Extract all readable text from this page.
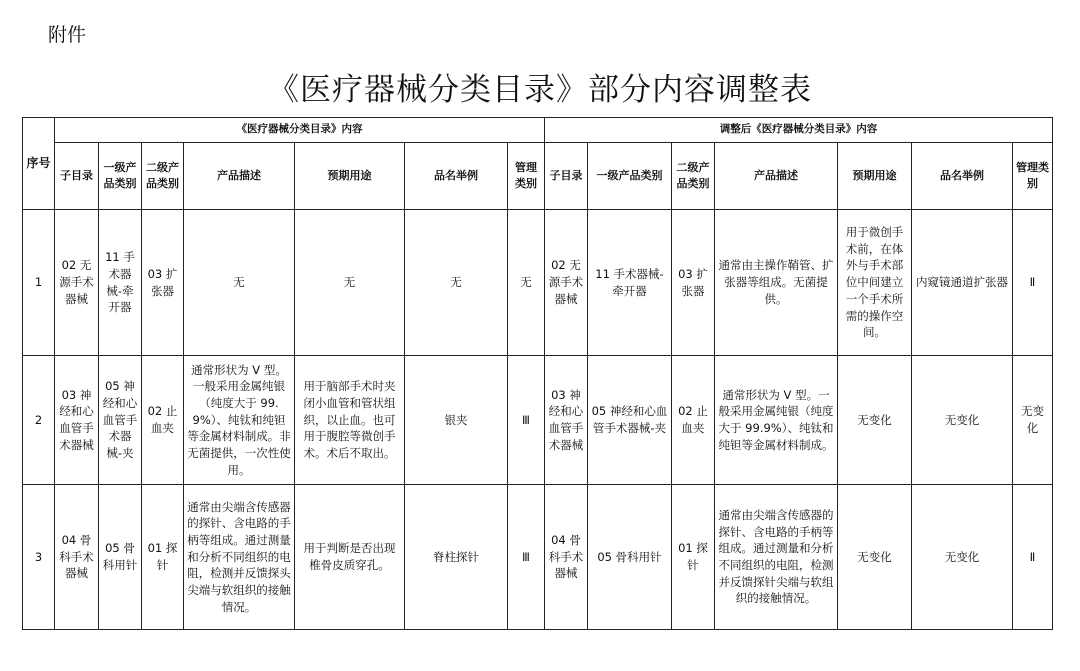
附件
《医疗器械分类目录》部分内容调整表
序号	《医疗器械分类目录》内容							调整后《医疗器械分类目录》内容						
	子目录	一级产品类别	二级产品类别	产品描述	预期用途	品名举例	管理类别	子目录	一级产品类别	二级产品类别	产品描述	预期用途	品名举例	管理类别
1	02 无源手术器械	11 手术器械-牵开器	03 扩张器	无	无	无	无	02 无源手术器械	11 手术器械-牵开器	03 扩张器	通常由主操作鞘管、扩张器等组成。无菌提供。	用于微创手术前，在体外与手术部位中间建立一个手术所需的操作空间。	内窥镜通道扩张器	Ⅱ
2	03 神经和心血管手术器械	05 神经和心血管手术器械-夹	02 止血夹	通常形状为 V 型。一般采用金属纯银（纯度大于 99.9%）、纯钛和纯钽等金属材料制成。非无菌提供，一次性使用。	用于脑部手术时夹闭小血管和管状组织，以止血。也可用于腹腔等微创手术。术后不取出。	银夹	Ⅲ	03 神经和心血管手术器械	05 神经和心血管手术器械-夹	02 止血夹	通常形状为 V 型。一般采用金属纯银（纯度大于 99.9%）、纯钛和纯钽等金属材料制成。	无变化	无变化	无变化
3	04 骨科手术器械	05 骨科用针	01 探针	通常由尖端含传感器的探针、含电路的手柄等组成。通过测量和分析不同组织的电阻，检测并反馈探头尖端与软组织的接触情况。	用于判断是否出现椎骨皮质穿孔。	脊柱探针	Ⅲ	04 骨科手术器械	05 骨科用针	01 探针	通常由尖端含传感器的探针、含电路的手柄等组成。通过测量和分析不同组织的电阻，检测并反馈探针尖端与软组织的接触情况。	无变化	无变化	Ⅱ
